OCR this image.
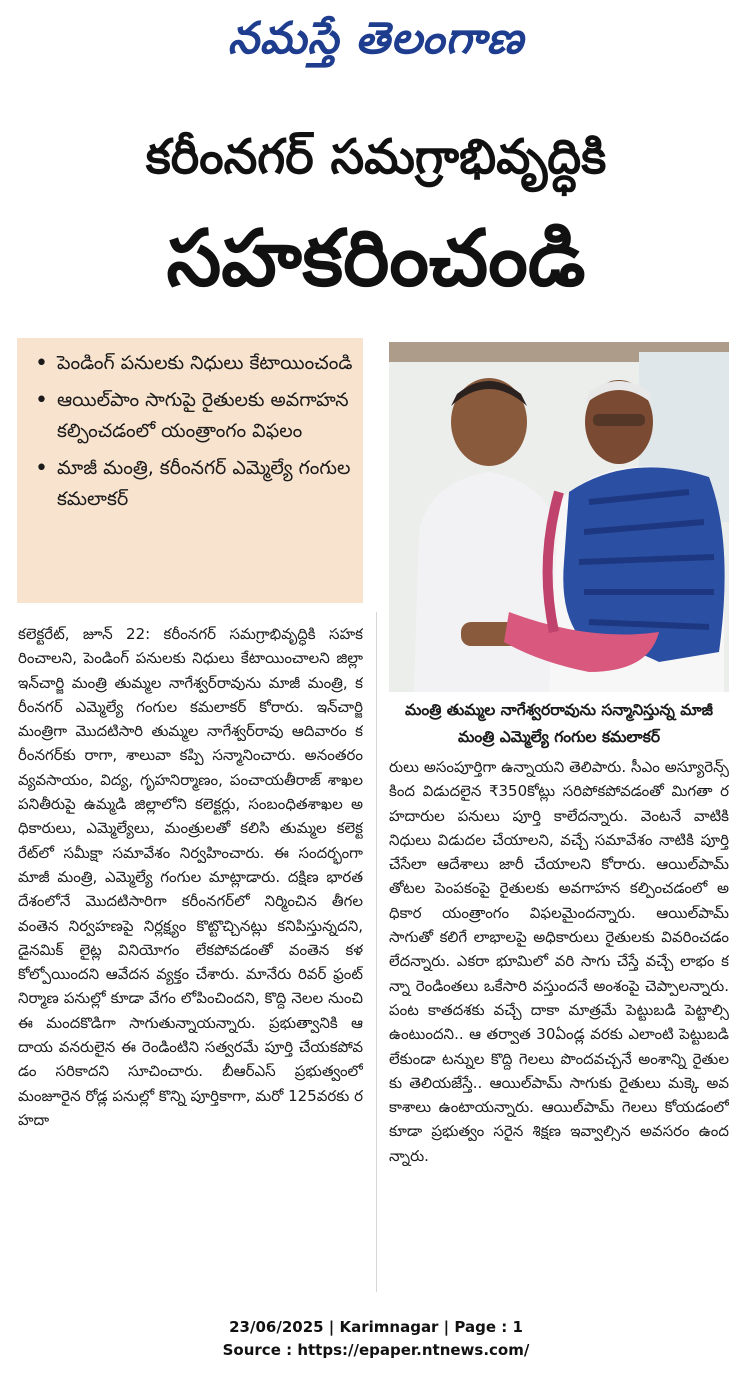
నమస్తే తెలంగాణ
కరీంనగర్ సమగ్రాభివృద్ధికి
సహకరించండి
• పెండింగ్ పనులకు నిధులు కేటాయించండి
• ఆయిల్‌పాం సాగుపై రైతులకు అవగాహన కల్పించడంలో యంత్రాంగం విఫలం
• మాజీ మంత్రి, కరీంనగర్ ఎమ్మెల్యే గంగుల కమలాకర్
మంత్రి తుమ్మల నాగేశ్వరరావును సన్మానిస్తున్న మాజీ మంత్రి ఎమ్మెల్యే గంగుల కమలాకర్
కలెక్టరేట్, జూన్ 22: కరీంనగర్ సమగ్రాభివృద్ధికి సహకరించాలని, పెండింగ్ పనులకు నిధులు కేటాయించాలని జిల్లా ఇన్‌చార్జి మంత్రి తుమ్మల నాగేశ్వర్‌రావును మాజీ మంత్రి, కరీంనగర్ ఎమ్మెల్యే గంగుల కమలాకర్ కోరారు. ఇన్‌చార్జి మంత్రిగా మొదటిసారి తుమ్మల నాగేశ్వర్‌రావు ఆదివారం కరీంనగర్‌కు రాగా, శాలువా కప్పి సన్మానించారు. అనంతరం వ్యవసాయం, విద్య, గృహనిర్మాణం, పంచాయతీరాజ్ శాఖల పనితీరుపై ఉమ్మడి జిల్లాలోని కలెక్టర్లు, సంబంధితశాఖల అధికారులు, ఎమ్మెల్యేలు, మంత్రులతో కలిసి తుమ్మల కలెక్టరేట్‌లో సమీక్షా సమావేశం నిర్వహించారు. ఈ సందర్భంగా మాజీ మంత్రి, ఎమ్మెల్యే గంగుల మాట్లాడారు. దక్షిణ భారతదేశంలోనే మొదటిసారిగా కరీంనగర్‌లో నిర్మించిన తీగల వంతెన నిర్వహణపై నిర్లక్ష్యం కొట్టొచ్చినట్లు కనిపిస్తున్నదని, డైనమిక్ లైట్ల వినియోగం లేకపోవడంతో వంతెన కళ కోల్పోయిందని ఆవేదన వ్యక్తం చేశారు. మానేరు రివర్ ఫ్రంట్ నిర్మాణ పనుల్లో కూడా వేగం లోపించిందని, కొద్ది నెలల నుంచి ఈ మందకొడిగా సాగుతున్నాయన్నారు. ప్రభుత్వానికి ఆదాయ వనరులైన ఈ రెండింటిని సత్వరమే పూర్తి చేయకపోవడం సరికాదని సూచించారు. బీఆర్‌ఎస్ ప్రభుత్వంలో మంజూరైన రోడ్ల పనుల్లో కొన్ని పూర్తికాగా, మరో 125వరకు రహదా
రులు అసంపూర్తిగా ఉన్నాయని తెలిపారు. సీఎం అస్యూరెన్స్ కింద విడుదలైన ₹350కోట్లు సరిపోకపోవడంతో మిగతా రహదారుల పనులు పూర్తి కాలేదన్నారు. వెంటనే వాటికి నిధులు విడుదల చేయాలని, వచ్చే సమావేశం నాటికి పూర్తి చేసేలా ఆదేశాలు జారీ చేయాలని కోరారు. ఆయిల్‌పామ్ తోటల పెంపకంపై రైతులకు అవగాహన కల్పించడంలో అధికార యంత్రాంగం విఫలమైందన్నారు. ఆయిల్‌పామ్ సాగుతో కలిగే లాభాలపై అధికారులు రైతులకు వివరించడం లేదన్నారు. ఎకరా భూమిలో వరి సాగు చేస్తే వచ్చే లాభం కన్నా రెండింతలు ఒకేసారి వస్తుందనే అంశంపై చెప్పాలన్నారు. పంట కాతదశకు వచ్చే దాకా మాత్రమే పెట్టుబడి పెట్టాల్సి ఉంటుందని.. ఆ తర్వాత 30ఏండ్ల వరకు ఎలాంటి పెట్టుబడి లేకుండా టన్నుల కొద్ది గెలలు పొందవచ్చనే అంశాన్ని రైతులకు తెలియజేస్తే.. ఆయిల్‌పామ్ సాగుకు రైతులు మక్కె అవకాశాలు ఉంటాయన్నారు. ఆయిల్‌పామ్ గెలలు కోయడంలో కూడా ప్రభుత్వం సరైన శిక్షణ ఇవ్వాల్సిన అవసరం ఉందన్నారు.
23/06/2025 | Karimnagar | Page : 1
Source : https://epaper.ntnews.com/
